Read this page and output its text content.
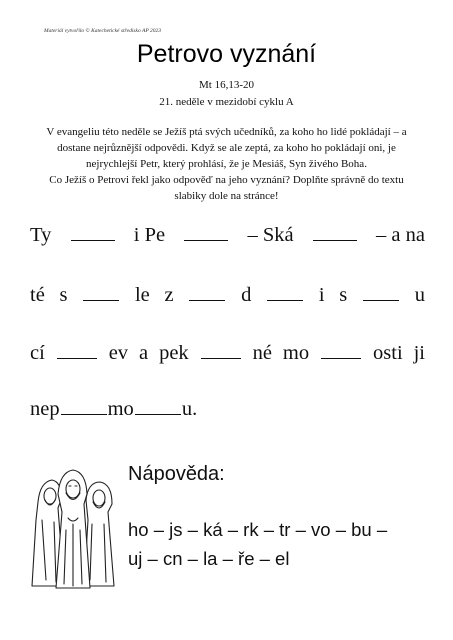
Materiál vytvořilo © Katechetické středisko AP 2023
Petrovo vyznání
Mt 16,13-20
21. neděle v mezidobí cyklu A
V evangeliu této neděle se Ježíš ptá svých učedníků, za koho ho lidé pokládají – a dostane nejrůznější odpovědi. Když se ale zeptá, za koho ho pokládají oni, je nejrychlejší Petr, který prohlásí, že je Mesiáš, Syn živého Boha.
Co Ježíš o Petrovi řekl jako odpověď na jeho vyznání? Doplňte správně do textu slabiky dole na stránce!
Ty	i Pe	– Ská	– a na
té s	le z	d	i s	u
cí	ev a pek	né mo	osti ji
nep mo u.
Nápověda:
ho – js – ká – rk – tr – vo – bu –
uj – cn – la – ře – el
